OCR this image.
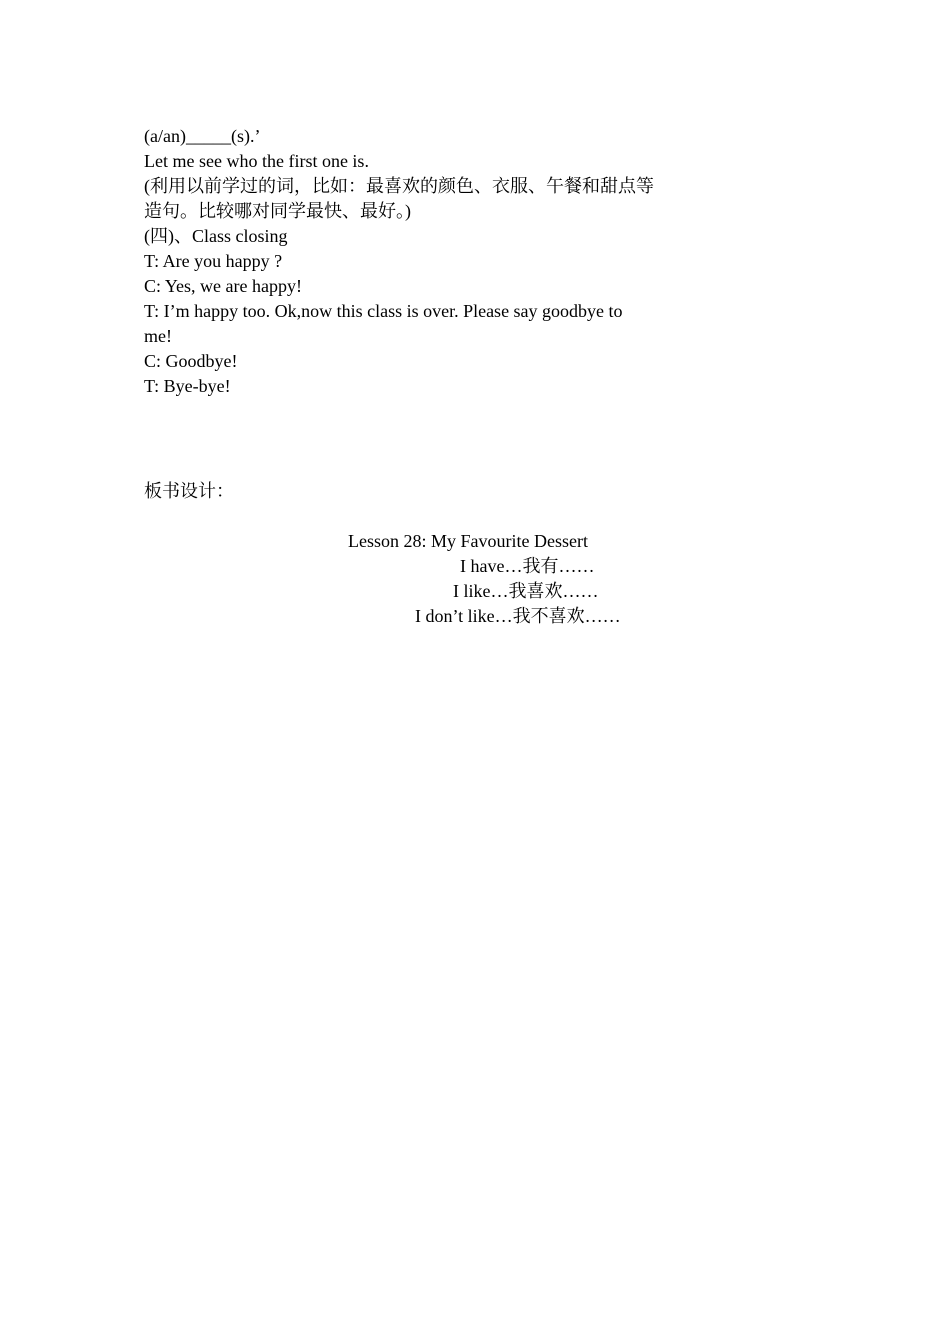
(a/an)_____(s).’
Let me see who the first one is.
(利用以前学过的词，比如：最喜欢的颜色、衣服、午餐和甜点等
造句。比较哪对同学最快、最好。)
(四)、Class closing
T: Are you happy ?
C: Yes, we are happy!
T: I’m happy too. Ok,now this class is over. Please say goodbye to
me!
C: Goodbye!
T: Bye-bye!
板书设计：
Lesson 28: My Favourite Dessert
I have…我有……
I like…我喜欢……
I don’t like…我不喜欢……
